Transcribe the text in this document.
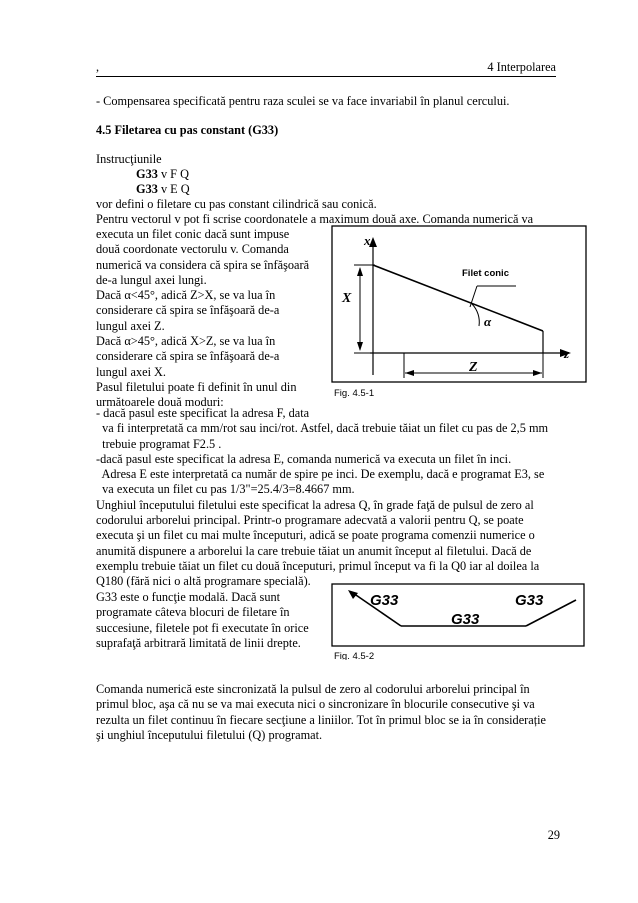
,	4 Interpolarea
- Compensarea specificată pentru raza sculei se va face invariabil în planul cercului.
4.5 Filetarea cu pas constant (G33)
Instrucţiunile
G33 v F Q
G33 v E Q
vor defini o filetare cu pas constant cilindrică sau conică.
Pentru vectorul v pot fi scrise coordonatele a maximum două axe. Comanda numerică va
executa un filet conic dacă sunt impuse
două coordonate vectorulu v. Comanda
numerică va considera că spira se înfăşoară
de-a lungul axei lungi.
Dacă α<45°, adică Z>X, se va lua în
considerare că spira se înfăşoară de-a
lungul axei Z.
Dacă α>45°, adică X>Z, se va lua în
considerare că spira se înfăşoară de-a
lungul axei X.
Pasul filetului poate fi definit în unul din
următoarele două moduri:
x
X
Filet conic
α
z
Z
Fig. 4.5-1
- dacă pasul este specificat la adresa F, data
va fi interpretată ca mm/rot sau inci/rot. Astfel, dacă trebuie tăiat un filet cu pas de 2,5 mm
trebuie programat F2.5 .
-dacă pasul este specificat la adresa E, comanda numerică va executa un filet în inci.
Adresa E este interpretată ca număr de spire pe inci. De exemplu, dacă e programat E3, se
va executa un filet cu pas 1/3"=25.4/3=8.4667 mm.
Unghiul începutului filetului este specificat la adresa Q, în grade faţă de pulsul de zero al
codorului arborelui principal. Printr-o programare adecvată a valorii pentru Q, se poate
executa şi un filet cu mai multe începuturi, adică se poate programa comenzii numerice o
anumită dispunere a arborelui la care trebuie tăiat un anumit început al filetului. Dacă de
exemplu trebuie tăiat un filet cu două începuturi, primul început va fi la Q0 iar al doilea la
Q180 (fără nici o altă programare specială).
G33 este o funcţie modală. Dacă sunt
programate câteva blocuri de filetare în
succesiune, filetele pot fi executate în orice
suprafaţă arbitrară limitată de linii drepte.
G33
G33
G33
Fig. 4.5-2
Comanda numerică este sincronizată la pulsul de zero al codorului arborelui principal în
primul bloc, aşa că nu se va mai executa nici o sincronizare în blocurile consecutive şi va
rezulta un filet continuu în fiecare secţiune a liniilor. Tot în primul bloc se ia în considerație
şi unghiul începutului filetului (Q) programat.
29
